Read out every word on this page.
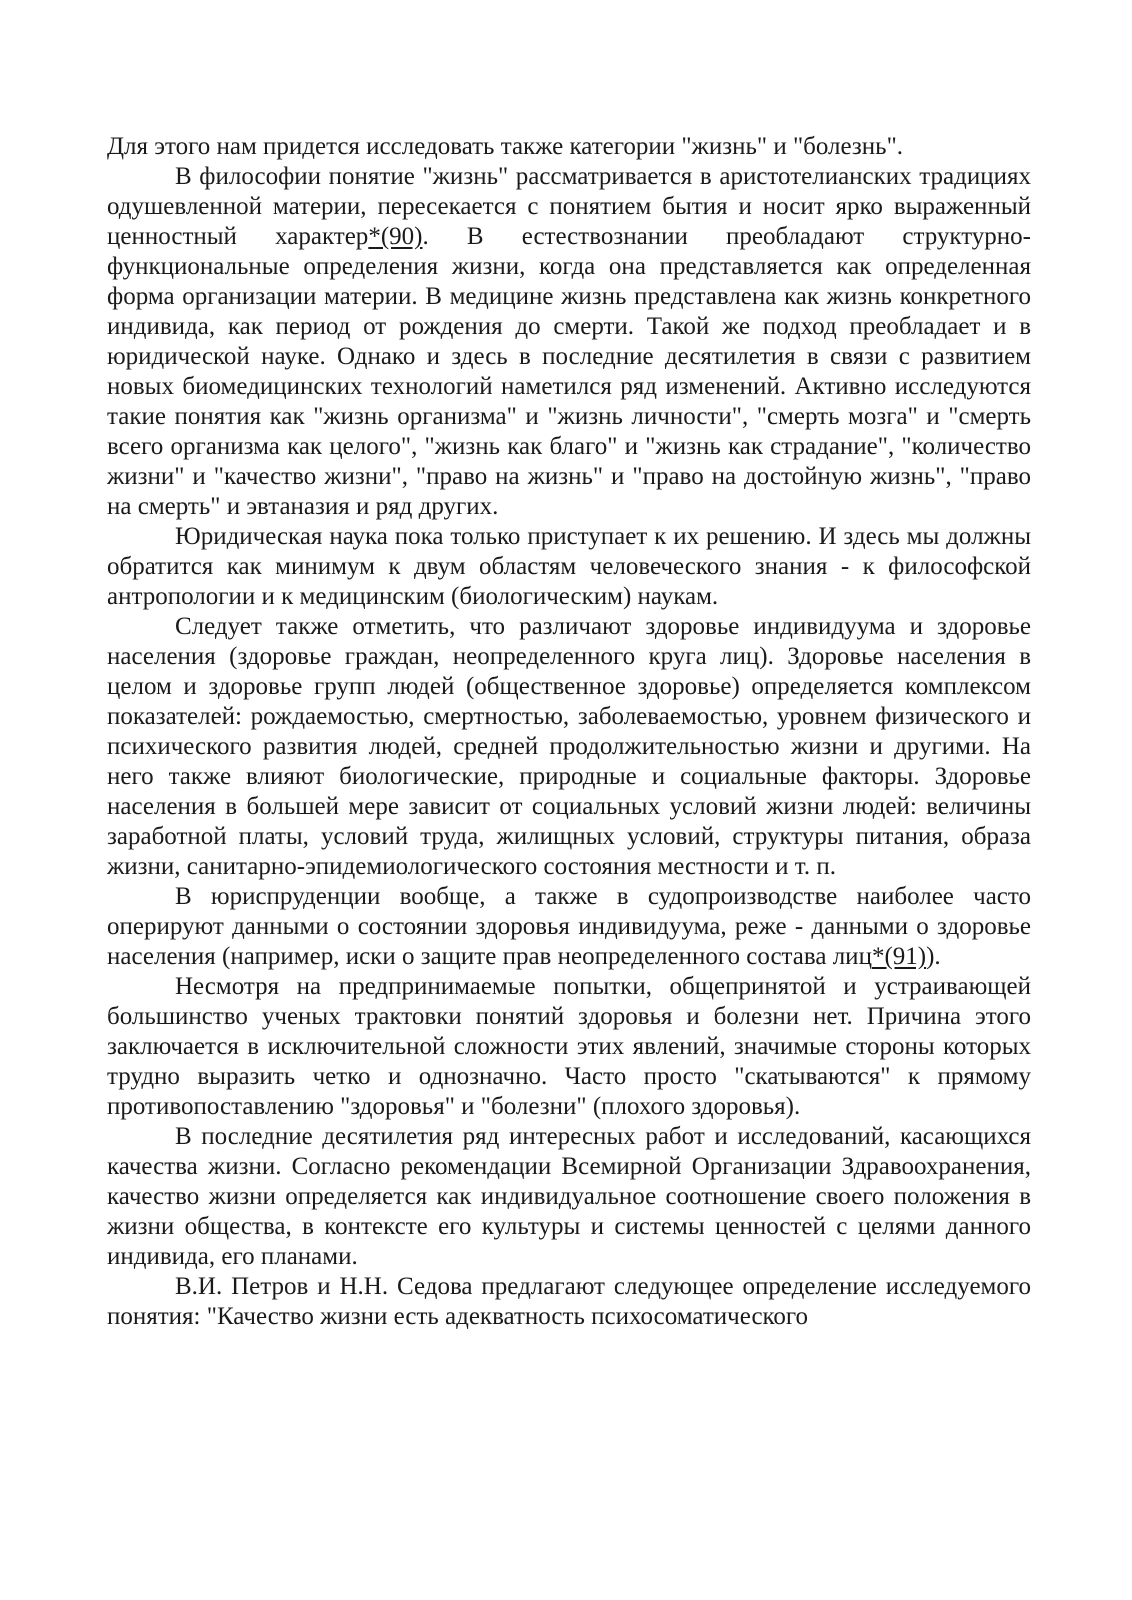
Для этого нам придется исследовать также категории "жизнь" и "болезнь".

В философии понятие "жизнь" рассматривается в аристотелианских традициях одушевленной материи, пересекается с понятием бытия и носит ярко выраженный ценностный характер*(90). В естествознании преобладают структурно-функциональные определения жизни, когда она представляется как определенная форма организации материи. В медицине жизнь представлена как жизнь конкретного индивида, как период от рождения до смерти. Такой же подход преобладает и в юридической науке. Однако и здесь в последние десятилетия в связи с развитием новых биомедицинских технологий наметился ряд изменений. Активно исследуются такие понятия как "жизнь организма" и "жизнь личности", "смерть мозга" и "смерть всего организма как целого", "жизнь как благо" и "жизнь как страдание", "количество жизни" и "качество жизни", "право на жизнь" и "право на достойную жизнь", "право на смерть" и эвтаназия и ряд других.

Юридическая наука пока только приступает к их решению. И здесь мы должны обратится как минимум к двум областям человеческого знания - к философской антропологии и к медицинским (биологическим) наукам.

Следует также отметить, что различают здоровье индивидуума и здоровье населения (здоровье граждан, неопределенного круга лиц). Здоровье населения в целом и здоровье групп людей (общественное здоровье) определяется комплексом показателей: рождаемостью, смертностью, заболеваемостью, уровнем физического и психического развития людей, средней продолжительностью жизни и другими. На него также влияют биологические, природные и социальные факторы. Здоровье населения в большей мере зависит от социальных условий жизни людей: величины заработной платы, условий труда, жилищных условий, структуры питания, образа жизни, санитарно-эпидемиологического состояния местности и т. п.

В юриспруденции вообще, а также в судопроизводстве наиболее часто оперируют данными о состоянии здоровья индивидуума, реже - данными о здоровье населения (например, иски о защите прав неопределенного состава лиц*(91)).

Несмотря на предпринимаемые попытки, общепринятой и устраивающей большинство ученых трактовки понятий здоровья и болезни нет. Причина этого заключается в исключительной сложности этих явлений, значимые стороны которых трудно выразить четко и однозначно. Часто просто "скатываются" к прямому противопоставлению "здоровья" и "болезни" (плохого здоровья).

В последние десятилетия ряд интересных работ и исследований, касающихся качества жизни. Согласно рекомендации Всемирной Организации Здравоохранения, качество жизни определяется как индивидуальное соотношение своего положения в жизни общества, в контексте его культуры и системы ценностей с целями данного индивида, его планами.

В.И. Петров и Н.Н. Седова предлагают следующее определение исследуемого понятия: "Качество жизни есть адекватность психосоматического
